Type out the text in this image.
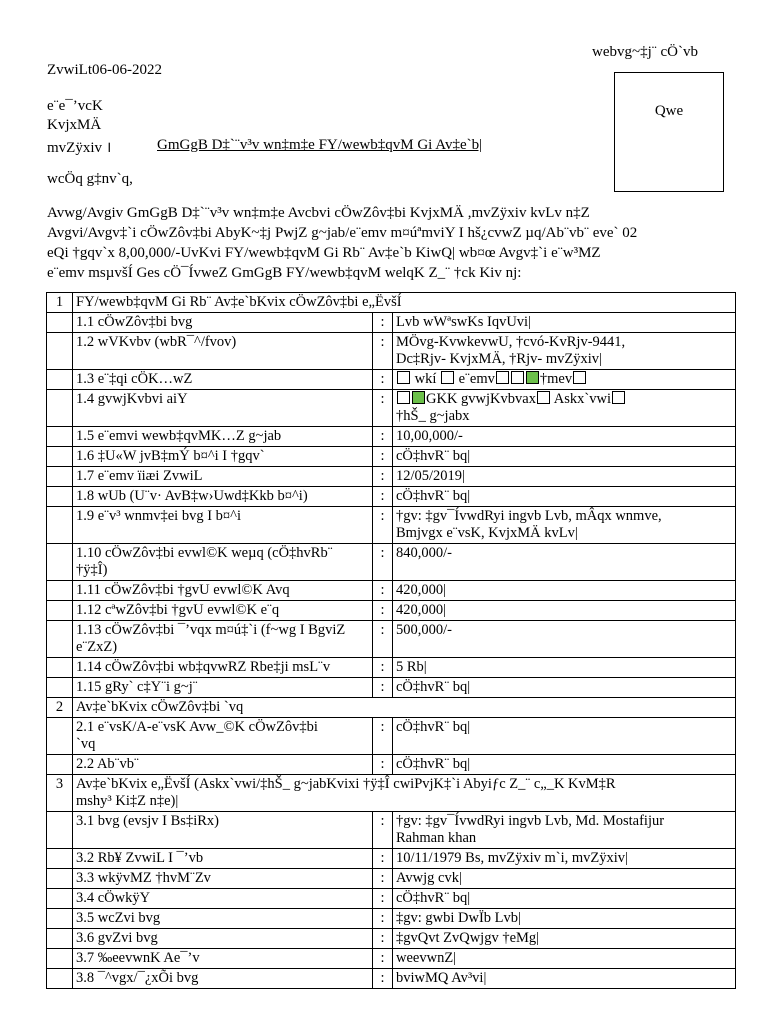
webvg~‡j¨ cÖ`vb
ZvwiLt06-06-2022
Qwe
e¨e¯’vcK
KvjxMÄ
mvZÿxiv ।	GmGgB D‡`¨v³v wn‡m‡e FY/wewb‡qvM Gi Av‡e`b|
wcÖq g‡nv`q,
Avwg/Avgiv GmGgB D‡`¨v³v wn‡m‡e Avcbvi cÖwZôv‡bi KvjxMÄ ,mvZÿxiv kvLv n‡Z
Avgvi/Avgv‡`i cÖwZôv‡bi AbyK~‡j PwjZ g~jab/e¨emv m¤úªmviY I hš¿cvwZ µq/Ab¨vb¨ eve` 02
eQi †gqv`x 8,00,000/-UvKvi FY/wewb‡qvM Gi Rb¨ Av‡e`b KiwQ| wb¤œ Avgv‡`i e¨w³MZ
e¨emv msµvšÍ Ges cÖ¯ÍvweZ GmGgB FY/wewb‡qvM welqK Z_¨ †ck Kiv nj:
1	FY/wewb‡qvM Gi Rb¨ Av‡e`bKvix cÖwZôv‡bi e„ËvšÍ		
	1.1 cÖwZôv‡bi bvg	:	Lvb wWªswKs IqvUvi|
	1.2 wVKvbv (wbR¯^/fvov)	:	MÖvg-KvwkevwU, †cvó-KvRjv-9441,
Dc‡Rjv- KvjxMÄ, †Rjv- mvZÿxiv|
	1.3 e¨‡qi cÖK…wZ	:	wkí e¨emv †mev
	1.4 gvwjKvbvi aiY	:	GKK gvwjKvbvax Askx`vwi
†hŠ_ g~jabx
	1.5 e¨emvi wewb‡qvMK…Z g~jab	:	10,00,000/-
	1.6 ‡U«W jvB‡mÝ b¤^i I †gqv`	:	cÖ‡hvR¨ bq|
	1.7 e¨emv ïiæi ZvwiL	:	12/05/2019|
	1.8 wUb (U¨v· AvB‡w›Uwd‡Kkb b¤^i)	:	cÖ‡hvR¨ bq|
	1.9 e¨v³ wnmv‡ei bvg I b¤^i	:	†gv: ‡gv¯ÍvwdRyi ingvb Lvb, mÂqx wnmve,
Bmjvgx e¨vsK, KvjxMÄ kvLv|
	1.10 cÖwZôv‡bi evwl©K weµq (cÖ‡hvRb¨
†ÿ‡Î)	:	840,000/-
	1.11 cÖwZôv‡bi †gvU evwl©K Avq	:	420,000|
	1.12 cªwZôv‡bi †gvU evwl©K e¨q	:	420,000|
	1.13 cÖwZôv‡bi ¯’vqx m¤ú‡`i (f~wg I BgviZ
e¨ZxZ)	:	500,000/-
	1.14 cÖwZôv‡bi wb‡qvwRZ Rbe‡ji msL¨v	:	5 Rb|
	1.15 gRy` c‡Y¨i g~j¨	:	cÖ‡hvR¨ bq|
2	Av‡e`bKvix cÖwZôv‡bi `vq		
	2.1 e¨vsK/A-e¨vsK Avw_©K cÖwZôv‡bi
`vq	:	cÖ‡hvR¨ bq|
	2.2 Ab¨vb¨	:	cÖ‡hvR¨ bq|
3	Av‡e`bKvix e„ËvšÍ (Askx`vwi/‡hŠ_ g~jabKvixi †ÿ‡Î cwiPvjK‡`i Abyiƒc Z_¨ c„_K KvM‡R
mshy³ Ki‡Z n‡e)|		
	3.1 bvg (evsjv I Bs‡iRx)	:	†gv: ‡gv¯ÍvwdRyi ingvb Lvb, Md. Mostafijur
Rahman khan
	3.2 Rb¥ ZvwiL I ¯’vb	:	10/11/1979 Bs, mvZÿxiv m`i, mvZÿxiv|
	3.3 wkÿvMZ †hvM¨Zv	:	Avwjg cvk|
	3.4 cÖwkÿY	:	cÖ‡hvR¨ bq|
	3.5 wcZvi bvg	:	‡gv: gwbi DwÏb Lvb|
	3.6 gvZvi bvg	:	‡gvQvt ZvQwjgv †eMg|
	3.7 ‰eevwnK Ae¯’v	:	weevwnZ|
	3.8 ¯^vgx/¯¿xÕi bvg	:	bviwMQ Av³vi|
